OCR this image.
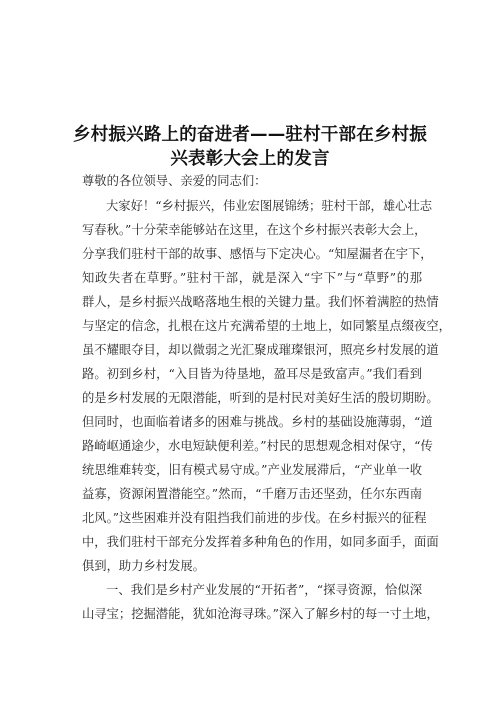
乡村振兴路上的奋进者——驻村干部在乡村振
兴表彰大会上的发言
尊敬的各位领导、亲爱的同志们：
大家好！“乡村振兴，伟业宏图展锦绣；驻村干部，雄心壮志
写春秋。”十分荣幸能够站在这里，在这个乡村振兴表彰大会上，
分享我们驻村干部的故事、感悟与下定决心。“知屋漏者在宇下，
知政失者在草野。”驻村干部，就是深入“宇下”与“草野”的那
群人，是乡村振兴战略落地生根的关键力量。我们怀着满腔的热情
与坚定的信念，扎根在这片充满希望的土地上，如同繁星点缀夜空，
虽不耀眼夺目，却以微弱之光汇聚成璀璨银河，照亮乡村发展的道
路。初到乡村，“入目皆为待垦地，盈耳尽是致富声。”我们看到
的是乡村发展的无限潜能，听到的是村民对美好生活的殷切期盼。
但同时，也面临着诸多的困难与挑战。乡村的基础设施薄弱，“道
路崎岖通途少，水电短缺便利差。”村民的思想观念相对保守，“传
统思维难转变，旧有模式易守成。”产业发展滞后，“产业单一收
益寡，资源闲置潜能空。”然而，“千磨万击还坚劲，任尔东西南
北风。”这些困难并没有阻挡我们前进的步伐。在乡村振兴的征程
中，我们驻村干部充分发挥着多种角色的作用，如同多面手，面面
俱到，助力乡村发展。
一、我们是乡村产业发展的“开拓者”，“探寻资源，恰似深
山寻宝；挖掘潜能，犹如沧海寻珠。”深入了解乡村的每一寸土地，
